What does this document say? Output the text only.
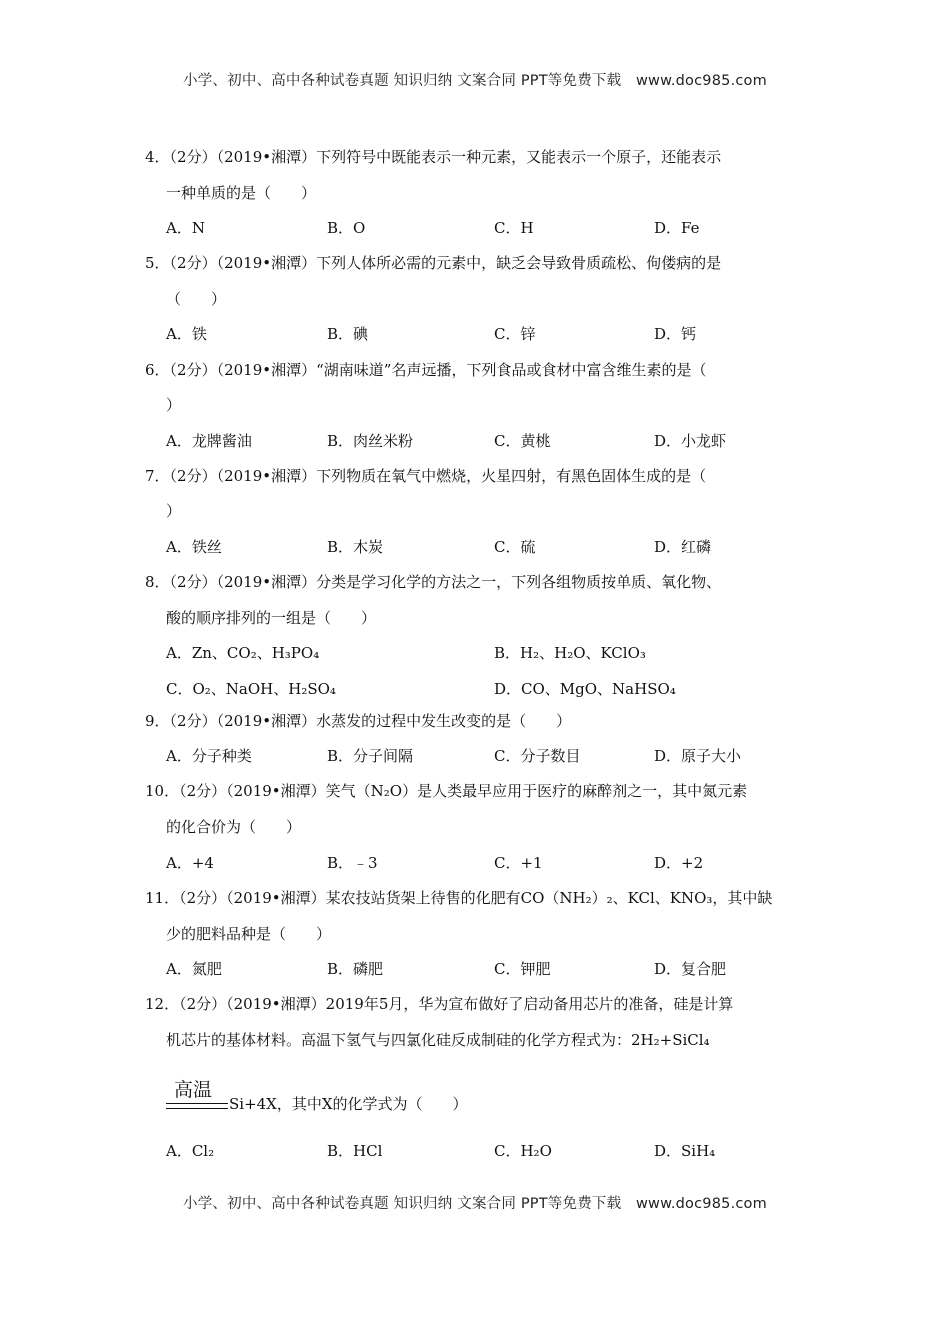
小学、初中、高中各种试卷真题 知识归纳 文案合同 PPT等免费下载　www.doc985.com
4．（2分）（2019•湘潭）下列符号中既能表示一种元素，又能表示一个原子，还能表示
一种单质的是（　　）
A．N	B．O	C．H	D．Fe
5．（2分）（2019•湘潭）下列人体所必需的元素中，缺乏会导致骨质疏松、佝偻病的是
（　　）
A．铁	B．碘	C．锌	D．钙
6．（2分）（2019•湘潭）“湖南味道”名声远播，下列食品或食材中富含维生素的是（
）
A．龙牌酱油	B．肉丝米粉	C．黄桃	D．小龙虾
7．（2分）（2019•湘潭）下列物质在氧气中燃烧，火星四射，有黑色固体生成的是（
）
A．铁丝	B．木炭	C．硫	D．红磷
8．（2分）（2019•湘潭）分类是学习化学的方法之一，下列各组物质按单质、氧化物、
酸的顺序排列的一组是（　　）
A．Zn、CO₂、H₃PO₄	B．H₂、H₂O、KClO₃
C．O₂、NaOH、H₂SO₄	D．CO、MgO、NaHSO₄
9．（2分）（2019•湘潭）水蒸发的过程中发生改变的是（　　）
A．分子种类	B．分子间隔	C．分子数目	D．原子大小
10．（2分）（2019•湘潭）笑气（N₂O）是人类最早应用于医疗的麻醉剂之一，其中氮元素
的化合价为（　　）
A．+4	B．﹣3	C．+1	D．+2
11．（2分）（2019•湘潭）某农技站货架上待售的化肥有CO（NH₂）₂、KCl、KNO₃，其中缺
少的肥料品种是（　　）
A．氮肥	B．磷肥	C．钾肥	D．复合肥
12．（2分）（2019•湘潭）2019年5月，华为宣布做好了启动备用芯片的准备，硅是计算
机芯片的基体材料。高温下氢气与四氯化硅反成制硅的化学方程式为：2H₂+SiCl₄
高温
Si+4X，其中X的化学式为（　　）
A．Cl₂	B．HCl	C．H₂O	D．SiH₄
小学、初中、高中各种试卷真题 知识归纳 文案合同 PPT等免费下载　www.doc985.com
